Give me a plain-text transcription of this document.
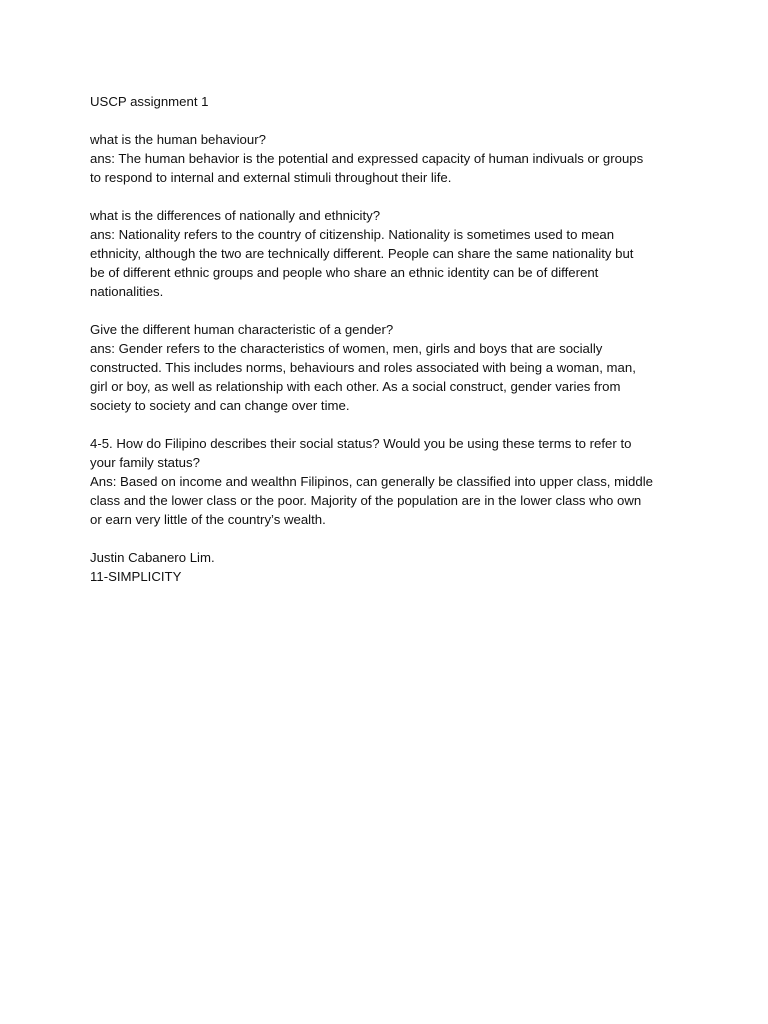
USCP assignment 1
what is the human behaviour?
ans: The human behavior is the potential and expressed capacity of human indivuals or groups
to respond to internal and external stimuli throughout their life.
what is the differences of nationally and ethnicity?
ans: Nationality refers to the country of citizenship. Nationality is sometimes used to mean
ethnicity, although the two are technically different. People can share the same nationality but
be of different ethnic groups and people who share an ethnic identity can be of different
nationalities.
Give the different human characteristic of a gender?
ans: Gender refers to the characteristics of women, men, girls and boys that are socially
constructed. This includes norms, behaviours and roles associated with being a woman, man,
girl or boy, as well as relationship with each other. As a social construct, gender varies from
society to society and can change over time.
4-5. How do Filipino describes their social status? Would you be using these terms to refer to
your family status?
Ans: Based on income and wealthn Filipinos, can generally be classified into upper class, middle
class and the lower class or the poor. Majority of the population are in the lower class who own
or earn very little of the country’s wealth.
Justin Cabanero Lim.
11-SIMPLICITY
